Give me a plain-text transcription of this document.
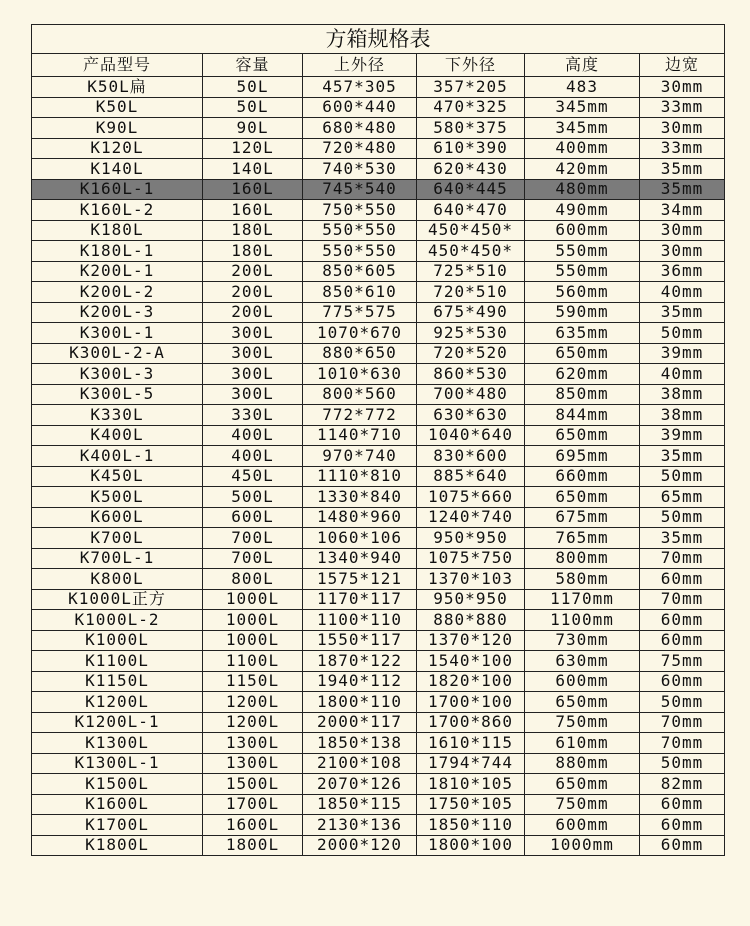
方箱规格表					
产品型号	容量	上外径	下外径	高度	边宽
K50L扁	50L	457*305	357*205	483	30mm
K50L	50L	600*440	470*325	345mm	33mm
K90L	90L	680*480	580*375	345mm	30mm
K120L	120L	720*480	610*390	400mm	33mm
K140L	140L	740*530	620*430	420mm	35mm
K160L-1	160L	745*540	640*445	480mm	35mm
K160L-2	160L	750*550	640*470	490mm	34mm
K180L	180L	550*550	450*450*	600mm	30mm
K180L-1	180L	550*550	450*450*	550mm	30mm
K200L-1	200L	850*605	725*510	550mm	36mm
K200L-2	200L	850*610	720*510	560mm	40mm
K200L-3	200L	775*575	675*490	590mm	35mm
K300L-1	300L	1070*670	925*530	635mm	50mm
K300L-2-A	300L	880*650	720*520	650mm	39mm
K300L-3	300L	1010*630	860*530	620mm	40mm
K300L-5	300L	800*560	700*480	850mm	38mm
K330L	330L	772*772	630*630	844mm	38mm
K400L	400L	1140*710	1040*640	650mm	39mm
K400L-1	400L	970*740	830*600	695mm	35mm
K450L	450L	1110*810	885*640	660mm	50mm
K500L	500L	1330*840	1075*660	650mm	65mm
K600L	600L	1480*960	1240*740	675mm	50mm
K700L	700L	1060*106	950*950	765mm	35mm
K700L-1	700L	1340*940	1075*750	800mm	70mm
K800L	800L	1575*121	1370*103	580mm	60mm
K1000L正方	1000L	1170*117	950*950	1170mm	70mm
K1000L-2	1000L	1100*110	880*880	1100mm	60mm
K1000L	1000L	1550*117	1370*120	730mm	60mm
K1100L	1100L	1870*122	1540*100	630mm	75mm
K1150L	1150L	1940*112	1820*100	600mm	60mm
K1200L	1200L	1800*110	1700*100	650mm	50mm
K1200L-1	1200L	2000*117	1700*860	750mm	70mm
K1300L	1300L	1850*138	1610*115	610mm	70mm
K1300L-1	1300L	2100*108	1794*744	880mm	50mm
K1500L	1500L	2070*126	1810*105	650mm	82mm
K1600L	1700L	1850*115	1750*105	750mm	60mm
K1700L	1600L	2130*136	1850*110	600mm	60mm
K1800L	1800L	2000*120	1800*100	1000mm	60mm
